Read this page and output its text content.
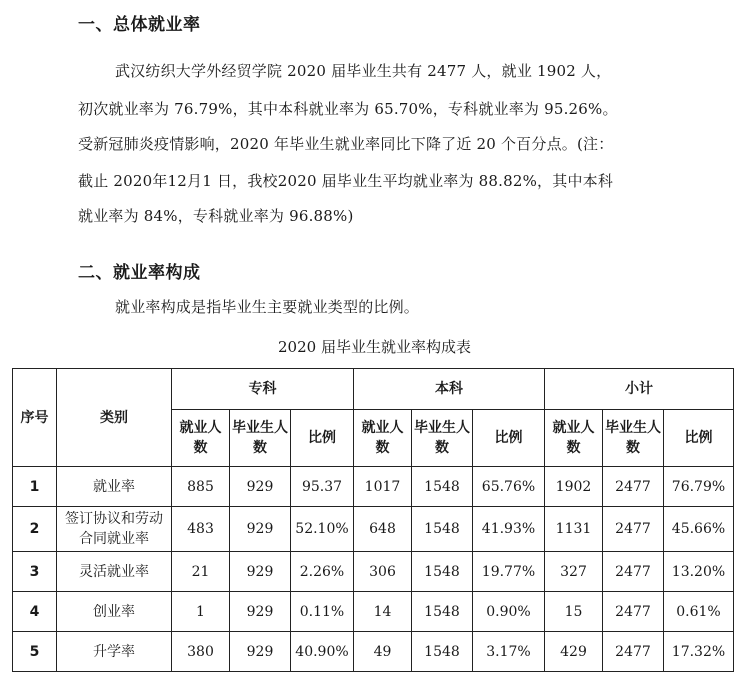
一、总体就业率
武汉纺织大学外经贸学院 2020 届毕业生共有 2477 人，就业 1902 人，
初次就业率为 76.79%，其中本科就业率为 65.70%，专科就业率为 95.26%。
受新冠肺炎疫情影响，2020 年毕业生就业率同比下降了近 20 个百分点。(注：
截止 2020年12月1 日，我校2020 届毕业生平均就业率为 88.82%，其中本科
就业率为 84%，专科就业率为 96.88%)
二、就业率构成
就业率构成是指毕业生主要就业类型的比例。
2020 届毕业生就业率构成表
序号	类别	专科			本科			小计		
		就业人数	毕业生人数	比例	就业人数	毕业生人数	比例	就业人数	毕业生人数	比例
1	就业率	885	929	95.37	1017	1548	65.76%	1902	2477	76.79%
2	签订协议和劳动合同就业率	483	929	52.10%	648	1548	41.93%	1131	2477	45.66%
3	灵活就业率	21	929	2.26%	306	1548	19.77%	327	2477	13.20%
4	创业率	1	929	0.11%	14	1548	0.90%	15	2477	0.61%
5	升学率	380	929	40.90%	49	1548	3.17%	429	2477	17.32%
